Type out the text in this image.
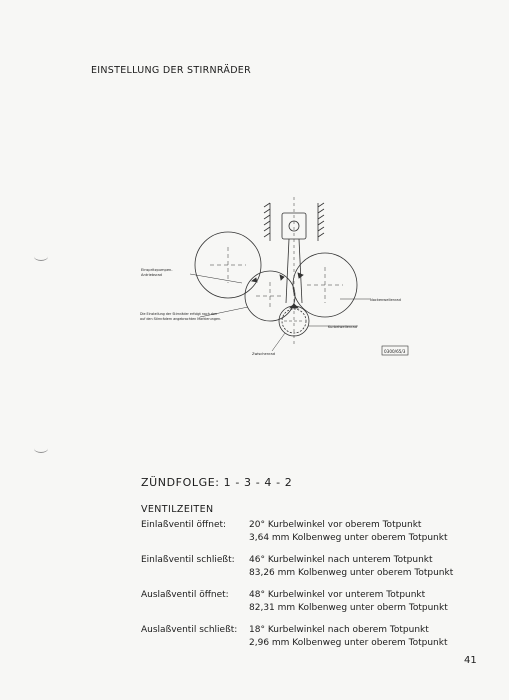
EINSTELLUNG DER STIRNRÄDER
Einspritzpumpen-
Antriebsrad
Die Einstellung der Stirnräder erfolgt nach den
auf den Stirnrädern angebrachten Markierungen.
Nockenwellenrad
Kurbelwellenrad
Zwischenrad	0300/65/3
ZÜNDFOLGE: 1 - 3 - 4 - 2
VENTILZEITEN
Einlaßventil öffnet:	20° Kurbelwinkel vor oberem Totpunkt
3,64 mm Kolbenweg unter oberem Totpunkt
Einlaßventil schließt: 46° Kurbelwinkel nach unterem Totpunkt
83,26 mm Kolbenweg unter oberem Totpunkt
Auslaßventil öffnet: 48° Kurbelwinkel vor unterem Totpunkt
82,31 mm Kolbenweg unter oberm Totpunkt
Auslaßventil schließt: 18° Kurbelwinkel nach oberem Totpunkt
2,96 mm Kolbenweg unter oberem Totpunkt
41
